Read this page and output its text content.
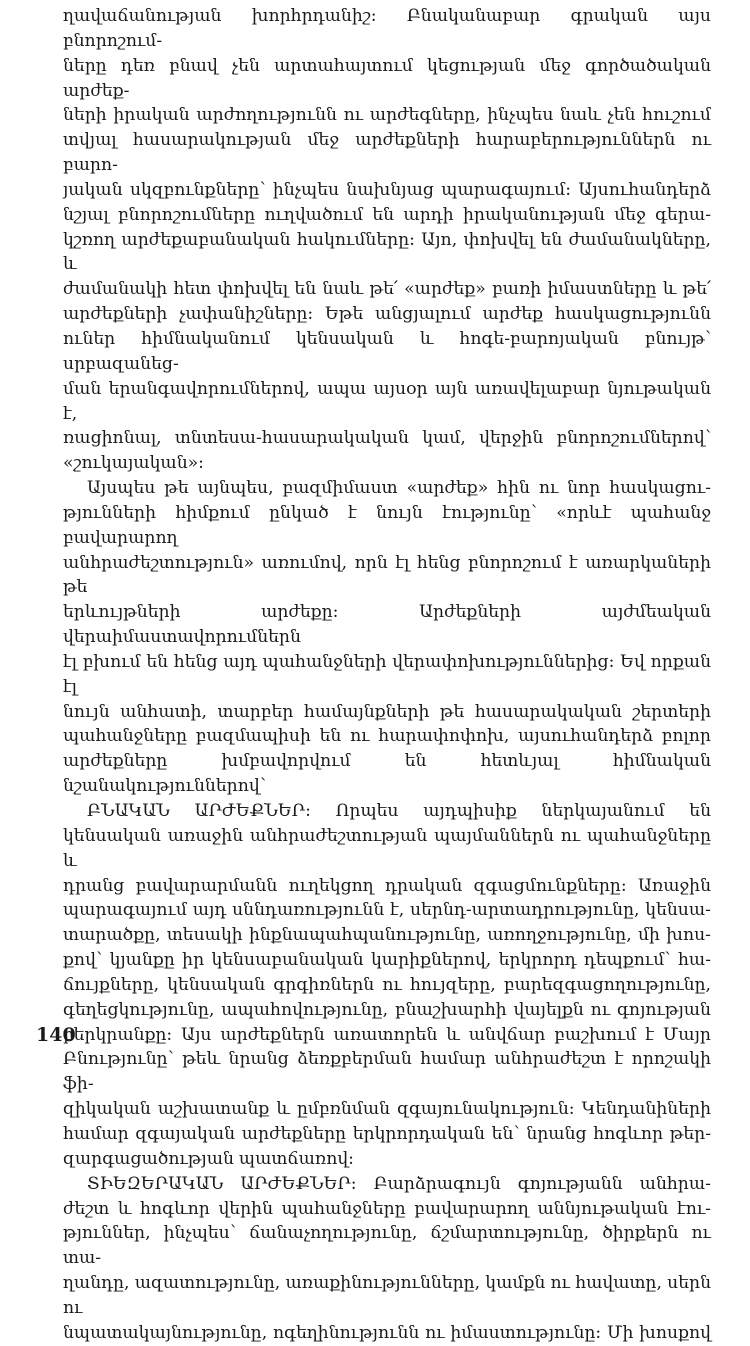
ղավաճանության խորհրդանիշ։ Բնականաբար գրական այս բնորոշում-
ները դեռ բնավ չեն արտահայտում կեցության մեջ գործածական արժեք-
ների իրական արժողությունն ու արժեգները, ինչպես նաև չեն հուշում
տվյալ հասարակության մեջ արժեքների հարաբերություններն ու բարո-
յական սկզբունքները՝ ինչպես նախնյաց պարագայում։ Այսուհանդերձ
նշյալ բնորոշումները ուղվածում են արդի իրականության մեջ գերա-
կշռող արժեքաբանական հակումները։ Այո, փոխվել են ժամանակները, և
ժամանակի հետ փոխվել են նաև թե՛ «արժեք» բառի իմաստները և թե՛
արժեքների չափանիշները։ Եթե անցյալում արժեք հասկացությունն
ուներ հիմնականում կենսական և հոգե-բարոյական բնույթ՝ սրբազանեց-
ման երանգավորումներով, ապա այսօր այն առավելաբար նյութական է,
ռացիոնալ, տնտեսա-հասարակական կամ, վերջին բնորոշումներով՝
«շուկայական»։

Այսպես թե այնպես, բազմիմաստ «արժեք» հին ու նոր հասկացու-
թյունների հիմքում ընկած է նույն էությունը՝ «որևէ պահանջ բավարարող
անհրաժեշտություն» առումով, որն էլ հենց բնորոշում է առարկաների թե
երևույթների արժեքը։ Արժեքների այժմեական վերաիմաստավորումներն
էլ բխում են հենց այդ պահանջների վերափոխություններից։ Եվ որքան էլ
նույն անհատի, տարբեր համայնքների թե հասարակական շերտերի
պահանջները բազմապիսի են ու հարափոփոխ, այսուհանդերձ բոլոր
արժեքները խմբավորվում են հետևյալ հիմնական նշանակություններով՝

ԲՆԱԿԱՆ ԱՐԺԵՔՆԵՐ։ Որպես այդպիսիք ներկայանում են
կենսական առաջին անհրաժեշտության պայմաններն ու պահանջները և
դրանց բավարարմանն ուղեկցող դրական զգացմունքները։ Առաջին
պարագայում այդ սննդառությունն է, սերնդ-արտադրությունը, կենսա-
տարածքը, տեսակի ինքնապահպանությունը, առողջությունը, մի խոս-
քով՝ կյանքը իր կենսաբանական կարիքներով, երկրորդ դեպքում՝ հա-
ճույքները, կենսական գրգիռներն ու հույզերը, բարեզգացողությունը,
գեղեցկությունը, ապահովությունը, բնաշխարհի վայելքն ու գոյության
բերկրանքը։ Այս արժեքներն առատորեն և անվճար բաշխում է Մայր
Բնությունը՝ թեև նրանց ձեռքբերման համար անհրաժեշտ է որոշակի ֆի-
զիկական աշխատանք և ըմբռնման զգայունակություն։ Կենդանիների
համար զգայական արժեքները երկրորդական են՝ նրանց հոգևոր թեր-
զարգացածության պատճառով։

ՏԻԵԶԵՐԱԿԱՆ ԱՐԺԵՔՆԵՐ։ Բարձրագույն գոյությանն անհրա-
ժեշտ և հոգևոր վերին պահանջները բավարարող աննյութական էու-
թյուններ, ինչպես՝ ճանաչողությունը, ճշմարտությունը, ծիրքերն ու տա-
ղանդը, ազատությունը, առաքինությունները, կամքն ու հավատը, սերն ու
նպատակայնությունը, ոգեղինությունն ու իմաստությունը։ Մի խոսքով

140
